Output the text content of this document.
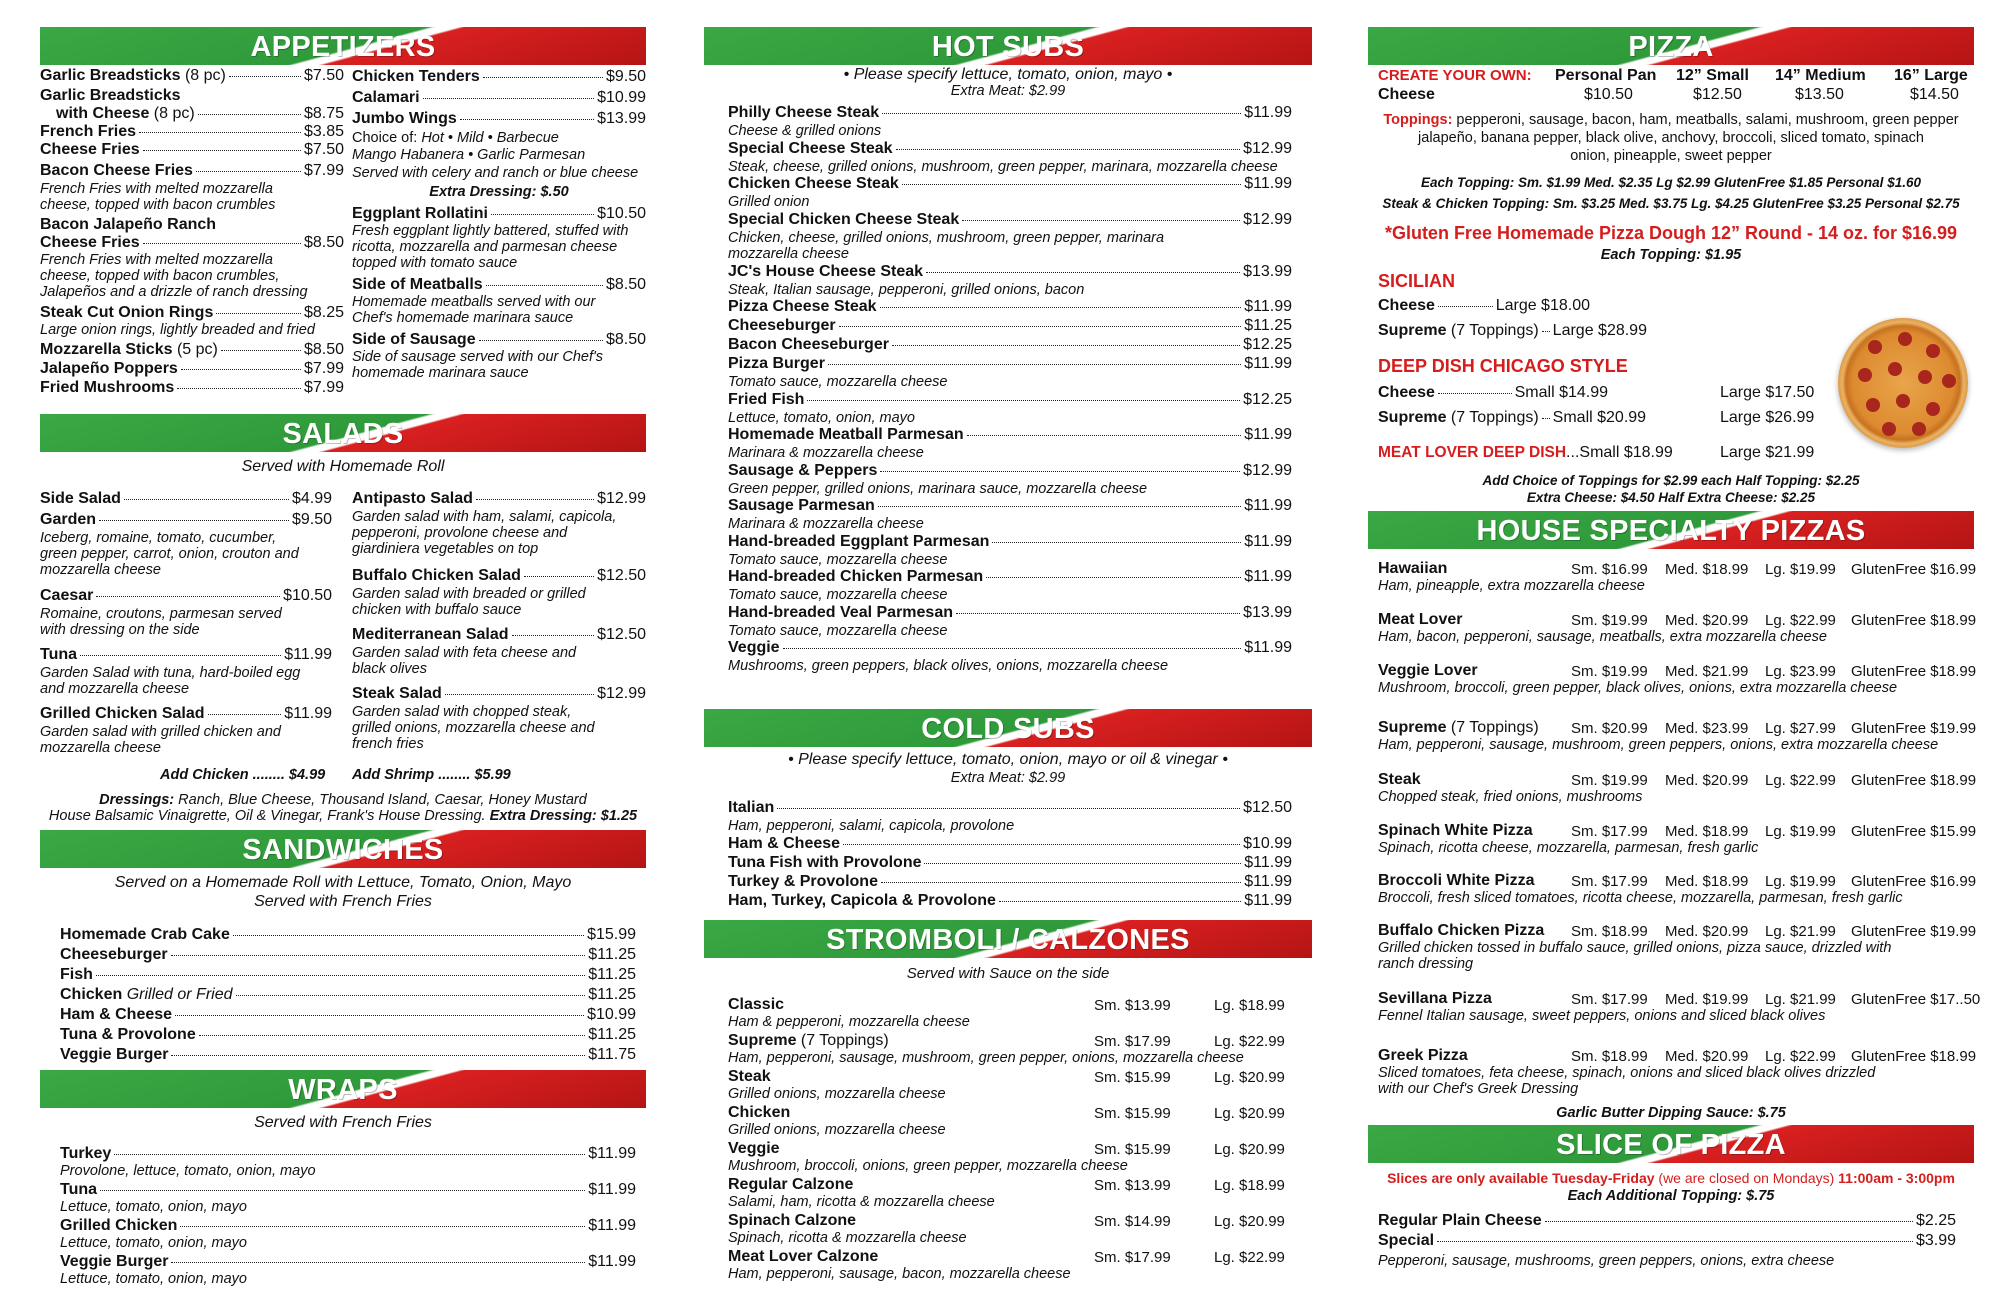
APPETIZERS
Garlic Breadsticks (8 pc)	$7.50
Garlic Breadsticks
with Cheese (8 pc)	$8.75
French Fries	$3.85
Cheese Fries	$7.50
Bacon Cheese Fries	$7.99
French Fries with melted mozzarella
cheese, topped with bacon crumbles
Bacon Jalapeño Ranch
Cheese Fries	$8.50
French Fries with melted mozzarella
cheese, topped with bacon crumbles,
Jalapeños and a drizzle of ranch dressing
Steak Cut Onion Rings	$8.25
Large onion rings, lightly breaded and fried
Mozzarella Sticks (5 pc)	$8.50
Jalapeño Poppers	$7.99
Fried Mushrooms	$7.99
Chicken Tenders	$9.50
Calamari	$10.99
Jumbo Wings	$13.99
Choice of: Hot • Mild • Barbecue
Mango Habanera • Garlic Parmesan
Served with celery and ranch or blue cheese
Extra Dressing: $.50
Eggplant Rollatini	$10.50
Fresh eggplant lightly battered, stuffed with
ricotta, mozzarella and parmesan cheese
topped with tomato sauce
Side of Meatballs	$8.50
Homemade meatballs served with our
Chef's homemade marinara sauce
Side of Sausage	$8.50
Side of sausage served with our Chef's
homemade marinara sauce
SALADS
Served with Homemade Roll
Side Salad	$4.99
Garden	$9.50
Iceberg, romaine, tomato, cucumber,
green pepper, carrot, onion, crouton and
mozzarella cheese
Caesar	$10.50
Romaine, croutons, parmesan served
with dressing on the side
Tuna	$11.99
Garden Salad with tuna, hard-boiled egg
and mozzarella cheese
Grilled Chicken Salad	$11.99
Garden salad with grilled chicken and
mozzarella cheese
Antipasto Salad	$12.99
Garden salad with ham, salami, capicola,
pepperoni, provolone cheese and
giardiniera vegetables on top
Buffalo Chicken Salad	$12.50
Garden salad with breaded or grilled
chicken with buffalo sauce
Mediterranean Salad	$12.50
Garden salad with feta cheese and
black olives
Steak Salad	$12.99
Garden salad with chopped steak,
grilled onions, mozzarella cheese and
french fries
Add Chicken ........ $4.99 Add Shrimp ........ $5.99
Dressings: Ranch, Blue Cheese, Thousand Island, Caesar, Honey Mustard
House Balsamic Vinaigrette, Oil & Vinegar, Frank's House Dressing. Extra Dressing: $1.25
SANDWICHES
Served on a Homemade Roll with Lettuce, Tomato, Onion, Mayo
Served with French Fries
Homemade Crab Cake	$15.99
Cheeseburger	$11.25
Fish	$11.25
Chicken Grilled or Fried	$11.25
Ham & Cheese	$10.99
Tuna & Provolone	$11.25
Veggie Burger	$11.75
WRAPS
Served with French Fries
Turkey	$11.99
Provolone, lettuce, tomato, onion, mayo
Tuna	$11.99
Lettuce, tomato, onion, mayo
Grilled Chicken	$11.99
Lettuce, tomato, onion, mayo
Veggie Burger	$11.99
Lettuce, tomato, onion, mayo
HOT SUBS
• Please specify lettuce, tomato, onion, mayo •
Extra Meat: $2.99
Philly Cheese Steak	$11.99
Cheese & grilled onions
Special Cheese Steak	$12.99
Steak, cheese, grilled onions, mushroom, green pepper, marinara, mozzarella cheese
Chicken Cheese Steak	$11.99
Grilled onion
Special Chicken Cheese Steak	$12.99
Chicken, cheese, grilled onions, mushroom, green pepper, marinara
mozzarella cheese
JC's House Cheese Steak	$13.99
Steak, Italian sausage, pepperoni, grilled onions, bacon
Pizza Cheese Steak	$11.99
Cheeseburger	$11.25
Bacon Cheeseburger	$12.25
Pizza Burger	$11.99
Tomato sauce, mozzarella cheese
Fried Fish	$12.25
Lettuce, tomato, onion, mayo
Homemade Meatball Parmesan	$11.99
Marinara & mozzarella cheese
Sausage & Peppers	$12.99
Green pepper, grilled onions, marinara sauce, mozzarella cheese
Sausage Parmesan	$11.99
Marinara & mozzarella cheese
Hand-breaded Eggplant Parmesan	$11.99
Tomato sauce, mozzarella cheese
Hand-breaded Chicken Parmesan	$11.99
Tomato sauce, mozzarella cheese
Hand-breaded Veal Parmesan	$13.99
Tomato sauce, mozzarella cheese
Veggie	$11.99
Mushrooms, green peppers, black olives, onions, mozzarella cheese
COLD SUBS
• Please specify lettuce, tomato, onion, mayo or oil & vinegar •
Extra Meat: $2.99
Italian	$12.50
Ham, pepperoni, salami, capicola, provolone
Ham & Cheese	$10.99
Tuna Fish with Provolone	$11.99
Turkey & Provolone	$11.99
Ham, Turkey, Capicola & Provolone	$11.99
STROMBOLI / CALZONES
Served with Sauce on the side
Classic	Sm. $13.99	Lg. $18.99
Ham & pepperoni, mozzarella cheese
Supreme (7 Toppings)	Sm. $17.99	Lg. $22.99
Ham, pepperoni, sausage, mushroom, green pepper, onions, mozzarella cheese
Steak	Sm. $15.99	Lg. $20.99
Grilled onions, mozzarella cheese
Chicken	Sm. $15.99	Lg. $20.99
Grilled onions, mozzarella cheese
Veggie	Sm. $15.99	Lg. $20.99
Mushroom, broccoli, onions, green pepper, mozzarella cheese
Regular Calzone	Sm. $13.99	Lg. $18.99
Salami, ham, ricotta & mozzarella cheese
Spinach Calzone	Sm. $14.99	Lg. $20.99
Spinach, ricotta & mozzarella cheese
Meat Lover Calzone	Sm. $17.99	Lg. $22.99
Ham, pepperoni, sausage, bacon, mozzarella cheese
PIZZA
CREATE YOUR OWN: Personal Pan 12” Small 14” Medium 16” Large
Cheese	$10.50	$12.50	$13.50	$14.50
Toppings: pepperoni, sausage, bacon, ham, meatballs, salami, mushroom, green pepper
jalapeño, banana pepper, black olive, anchovy, broccoli, sliced tomato, spinach
onion, pineapple, sweet pepper
Each Topping: Sm. $1.99 Med. $2.35 Lg $2.99 GlutenFree $1.85 Personal $1.60
Steak & Chicken Topping: Sm. $3.25 Med. $3.75 Lg. $4.25 GlutenFree $3.25 Personal $2.75
*Gluten Free Homemade Pizza Dough 12” Round - 14 oz. for $16.99
Each Topping: $1.95
SICILIAN
Cheese	Large $18.00
Supreme (7 Toppings) Large $28.99
DEEP DISH CHICAGO STYLE
Cheese	Small $14.99	Large $17.50
Supreme (7 Toppings) Small $20.99	Large $26.99
MEAT LOVER DEEP DISH...Small $18.99	Large $21.99
Add Choice of Toppings for $2.99 each Half Topping: $2.25
Extra Cheese: $4.50 Half Extra Cheese: $2.25
HOUSE SPECIALTY PIZZAS
Hawaiian	Sm. $16.99 Med. $18.99 Lg. $19.99 GlutenFree $16.99
Ham, pineapple, extra mozzarella cheese
Meat Lover	Sm. $19.99 Med. $20.99 Lg. $22.99 GlutenFree $18.99
Ham, bacon, pepperoni, sausage, meatballs, extra mozzarella cheese
Veggie Lover	Sm. $19.99 Med. $21.99 Lg. $23.99 GlutenFree $18.99
Mushroom, broccoli, green pepper, black olives, onions, extra mozzarella cheese
Supreme (7 Toppings) Sm. $20.99 Med. $23.99 Lg. $27.99 GlutenFree $19.99
Ham, pepperoni, sausage, mushroom, green peppers, onions, extra mozzarella cheese
Steak	Sm. $19.99 Med. $20.99 Lg. $22.99 GlutenFree $18.99
Chopped steak, fried onions, mushrooms
Spinach White Pizza	Sm. $17.99 Med. $18.99 Lg. $19.99 GlutenFree $15.99
Spinach, ricotta cheese, mozzarella, parmesan, fresh garlic
Broccoli White Pizza Sm. $17.99 Med. $18.99 Lg. $19.99 GlutenFree $16.99
Broccoli, fresh sliced tomatoes, ricotta cheese, mozzarella, parmesan, fresh garlic
Buffalo Chicken Pizza Sm. $18.99 Med. $20.99 Lg. $21.99 GlutenFree $19.99
Grilled chicken tossed in buffalo sauce, grilled onions, pizza sauce, drizzled with
ranch dressing
Sevillana Pizza	Sm. $17.99 Med. $19.99 Lg. $21.99 GlutenFree $17..50
Fennel Italian sausage, sweet peppers, onions and sliced black olives
Greek Pizza	Sm. $18.99 Med. $20.99 Lg. $22.99 GlutenFree $18.99
Sliced tomatoes, feta cheese, spinach, onions and sliced black olives drizzled
with our Chef's Greek Dressing
Garlic Butter Dipping Sauce: $.75
SLICE OF PIZZA
Slices are only available Tuesday-Friday (we are closed on Mondays) 11:00am - 3:00pm
Each Additional Topping: $.75
Regular Plain Cheese	$2.25
Special	$3.99
Pepperoni, sausage, mushrooms, green peppers, onions, extra cheese
